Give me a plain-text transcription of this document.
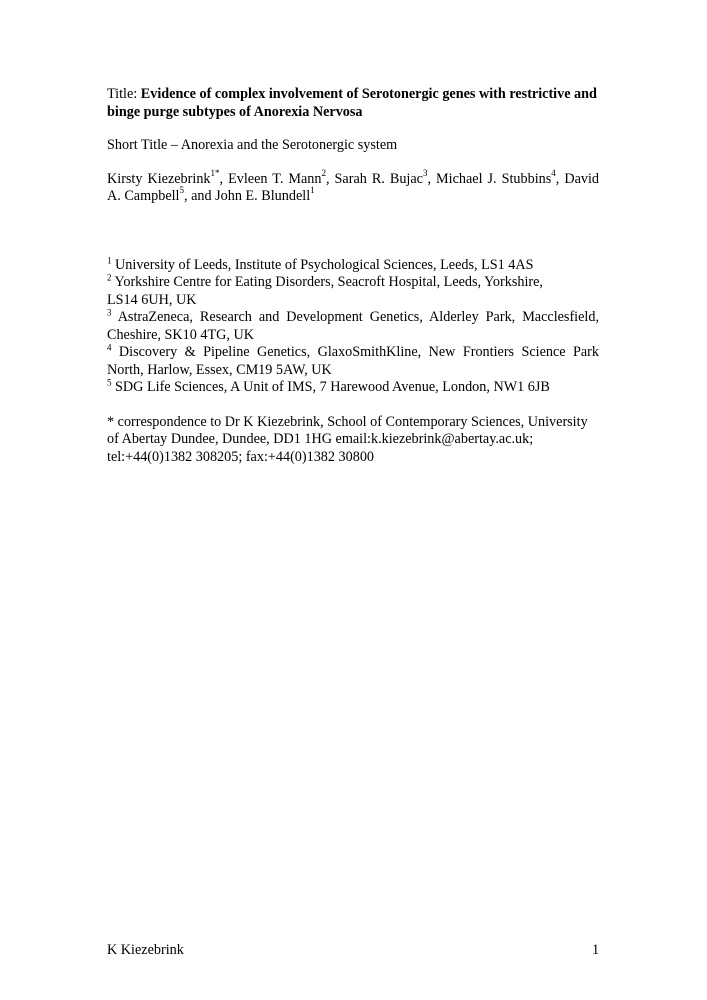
Title: Evidence of complex involvement of Serotonergic genes with restrictive and binge purge subtypes of Anorexia Nervosa

Short Title – Anorexia and the Serotonergic system

Kirsty Kiezebrink$^{1*}$, Evleen T. Mann$^2$, Sarah R. Bujac$^3$, Michael J. Stubbins$^4$, David A. Campbell$^5$, and John E. Blundell$^1$

$^1$ University of Leeds, Institute of Psychological Sciences, Leeds, LS1 4AS

$^2$ Yorkshire Centre for Eating Disorders, Seacroft Hospital, Leeds, Yorkshire,
LS14 6UH, UK

$^3$ AstraZeneca, Research and Development Genetics, Alderley Park, Macclesfield, Cheshire, SK10 4TG, UK

$^4$ Discovery & Pipeline Genetics, GlaxoSmithKline, New Frontiers Science Park North, Harlow, Essex, CM19 5AW, UK

$^5$ SDG Life Sciences, A Unit of IMS, 7 Harewood Avenue, London, NW1 6JB

* correspondence to Dr K Kiezebrink, School of Contemporary Sciences, University

of Abertay Dundee, Dundee, DD1 1HG email:k.kiezebrink@abertay.ac.uk;

tel:+44(0)1382 308205; fax:+44(0)1382 30800

K Kiezebrink	1
